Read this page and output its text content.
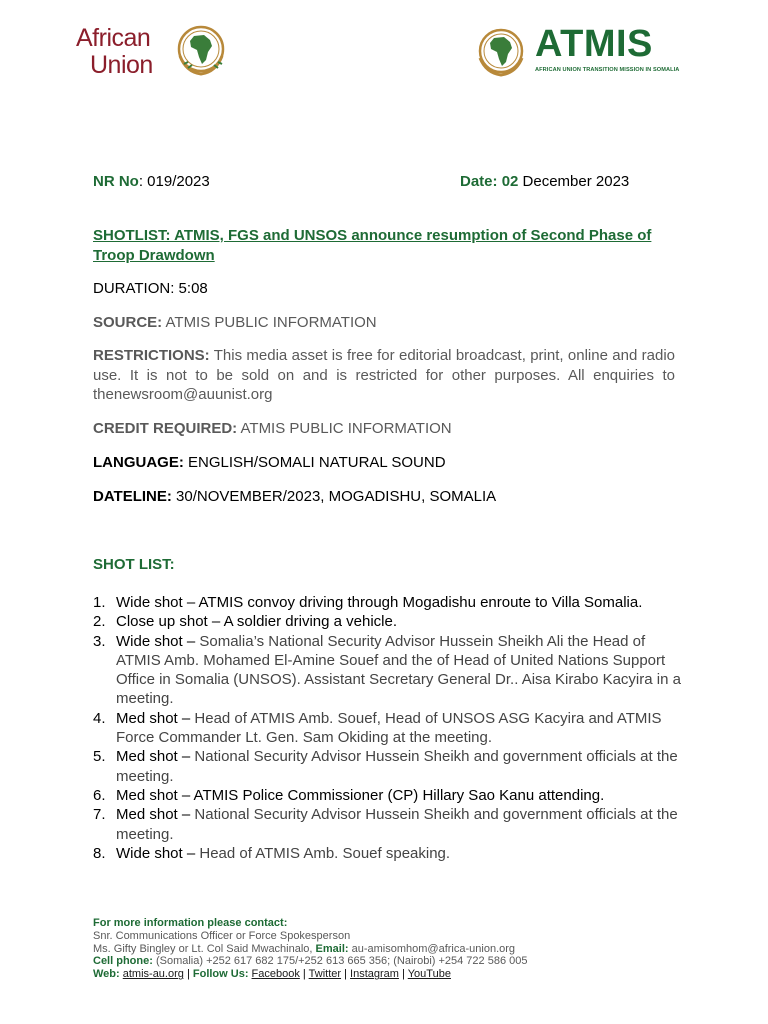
African
Union	ATMIS
AFRICAN UNION TRANSITION MISSION IN SOMALIA
NR No: 019/2023	Date: 02 December 2023
SHOTLIST: ATMIS, FGS and UNSOS announce resumption of Second Phase of Troop Drawdown
DURATION: 5:08
SOURCE: ATMIS PUBLIC INFORMATION
RESTRICTIONS: This media asset is free for editorial broadcast, print, online and radio use. It is not to be sold on and is restricted for other purposes. All enquiries to thenewsroom@auunist.org
CREDIT REQUIRED: ATMIS PUBLIC INFORMATION
LANGUAGE: ENGLISH/SOMALI NATURAL SOUND
DATELINE: 30/NOVEMBER/2023, MOGADISHU, SOMALIA
SHOT LIST:
1. Wide shot – ATMIS convoy driving through Mogadishu enroute to Villa Somalia.
2. Close up shot – A soldier driving a vehicle.
3. Wide shot – Somalia’s National Security Advisor Hussein Sheikh Ali the Head of ATMIS Amb. Mohamed El-Amine Souef and the of Head of United Nations Support Office in Somalia (UNSOS). Assistant Secretary General Dr.. Aisa Kirabo Kacyira in a meeting.
4. Med shot – Head of ATMIS Amb. Souef, Head of UNSOS ASG Kacyira and ATMIS Force Commander Lt. Gen. Sam Okiding at the meeting.
5. Med shot – National Security Advisor Hussein Sheikh and government officials at the meeting.
6. Med shot – ATMIS Police Commissioner (CP) Hillary Sao Kanu attending.
7. Med shot – National Security Advisor Hussein Sheikh and government officials at the meeting.
8. Wide shot – Head of ATMIS Amb. Souef speaking.
For more information please contact:
Snr. Communications Officer or Force Spokesperson
Ms. Gifty Bingley or Lt. Col Said Mwachinalo, Email: au-amisomhom@africa-union.org
Cell phone: (Somalia) +252 617 682 175/+252 613 665 356; (Nairobi) +254 722 586 005
Web: atmis-au.org | Follow Us: Facebook | Twitter | Instagram | YouTube
